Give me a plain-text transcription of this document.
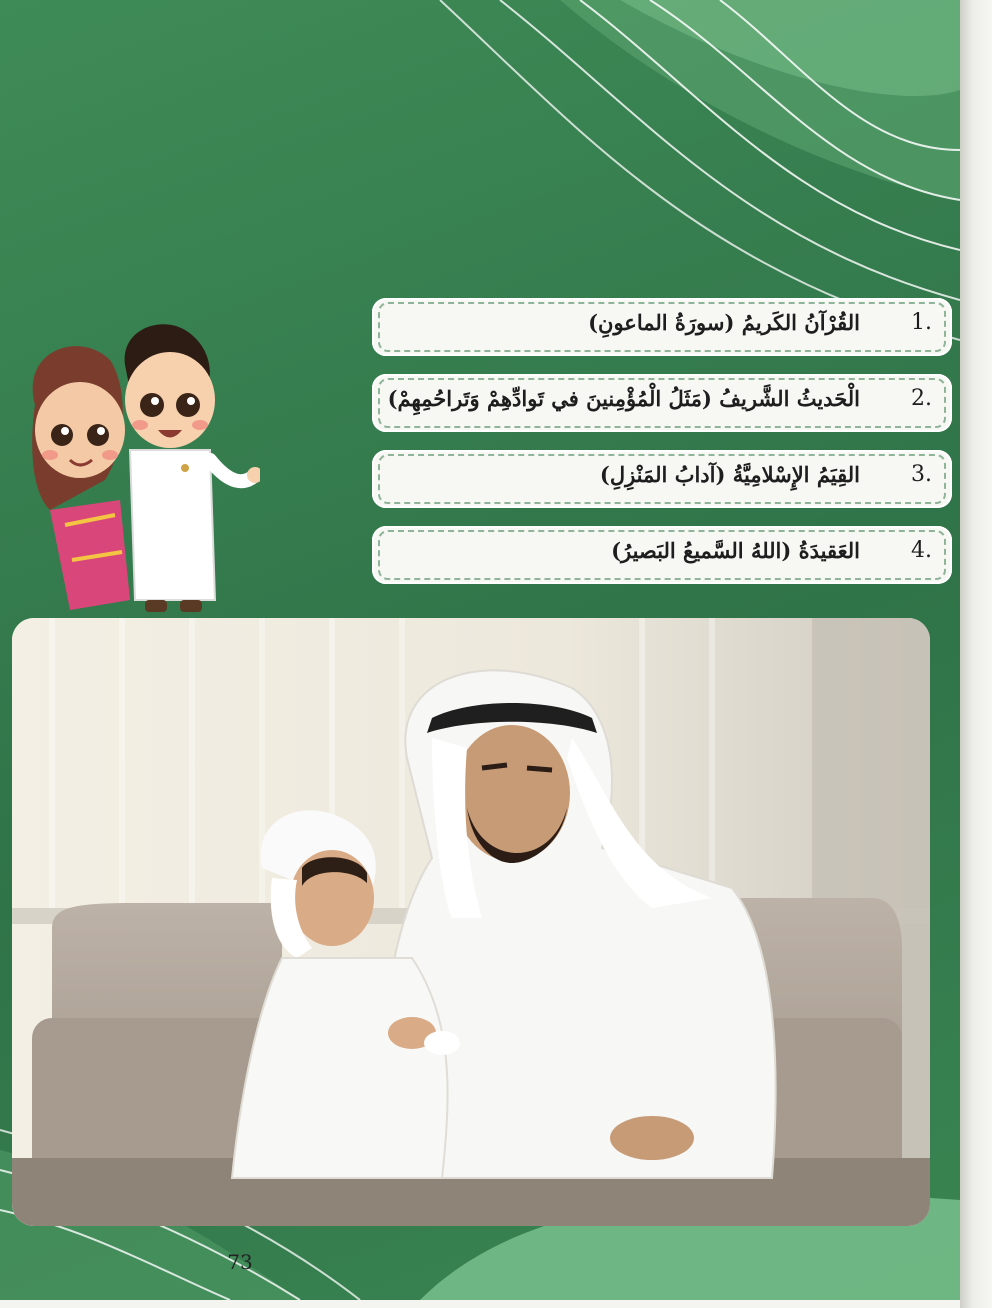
القُرْآنُ الكَريمُ (سورَةُ الماعونِ)	1.
الْحَديثُ الشَّريفُ (مَثَلُ الْمُؤْمِنينَ في تَوادِّهِمْ وَتَراحُمِهِمْ)	2.
القِيَمُ الإِسْلامِيَّةُ (آدابُ المَنْزِلِ)	3.
العَقيدَةُ (اللهُ السَّميعُ البَصيرُ)	4.
73
